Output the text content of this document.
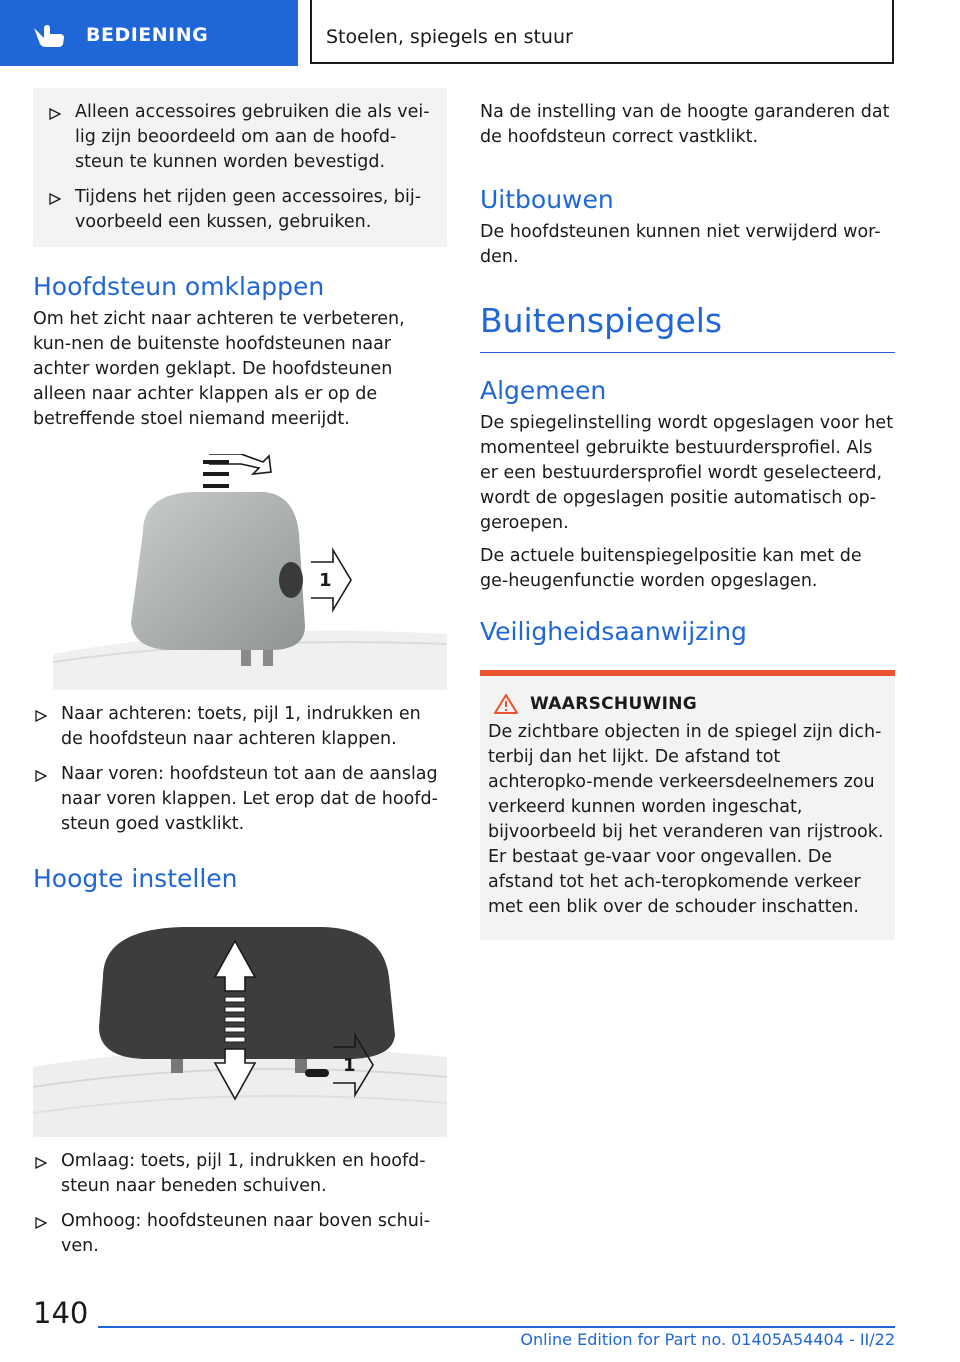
BEDIENING	Stoelen, spiegels en stuur
Alleen accessoires gebruiken die als vei-lig zijn beoordeeld om aan de hoofd-steun te kunnen worden bevestigd.
Tijdens het rijden geen accessoires, bij-voorbeeld een kussen, gebruiken.
Hoofdsteun omklappen

Om het zicht naar achteren te verbeteren, kun-nen de buitenste hoofdsteunen naar achter worden geklapt. De hoofdsteunen alleen naar achter klappen als er op de betreffende stoel niemand meerijdt.

1
Naar achteren: toets, pijl 1, indrukken en de hoofdsteun naar achteren klappen.
Naar voren: hoofdsteun tot aan de aanslag naar voren klappen. Let erop dat de hoofd-steun goed vastklikt.
Hoogte instellen
1
Omlaag: toets, pijl 1, indrukken en hoofd-steun naar beneden schuiven.
Omhoog: hoofdsteunen naar boven schui-ven.

Na de instelling van de hoogte garanderen dat de hoofdsteun correct vastklikt.

Uitbouwen

De hoofdsteunen kunnen niet verwijderd wor-den.

Buitenspiegels
Algemeen

De spiegelinstelling wordt opgeslagen voor het momenteel gebruikte bestuurdersprofiel. Als er een bestuurdersprofiel wordt geselecteerd, wordt de opgeslagen positie automatisch op-geroepen.

De actuele buitenspiegelpositie kan met de ge-heugenfunctie worden opgeslagen.

Veiligheidsaanwijzing
WAARSCHUWING

De zichtbare objecten in de spiegel zijn dich-terbij dan het lijkt. De afstand tot achteropko-mende verkeersdeelnemers zou verkeerd kunnen worden ingeschat, bijvoorbeeld bij het veranderen van rijstrook. Er bestaat ge-vaar voor ongevallen. De afstand tot het ach-teropkomende verkeer met een blik over de schouder inschatten.

140
Online Edition for Part no. 01405A54404 - II/22
